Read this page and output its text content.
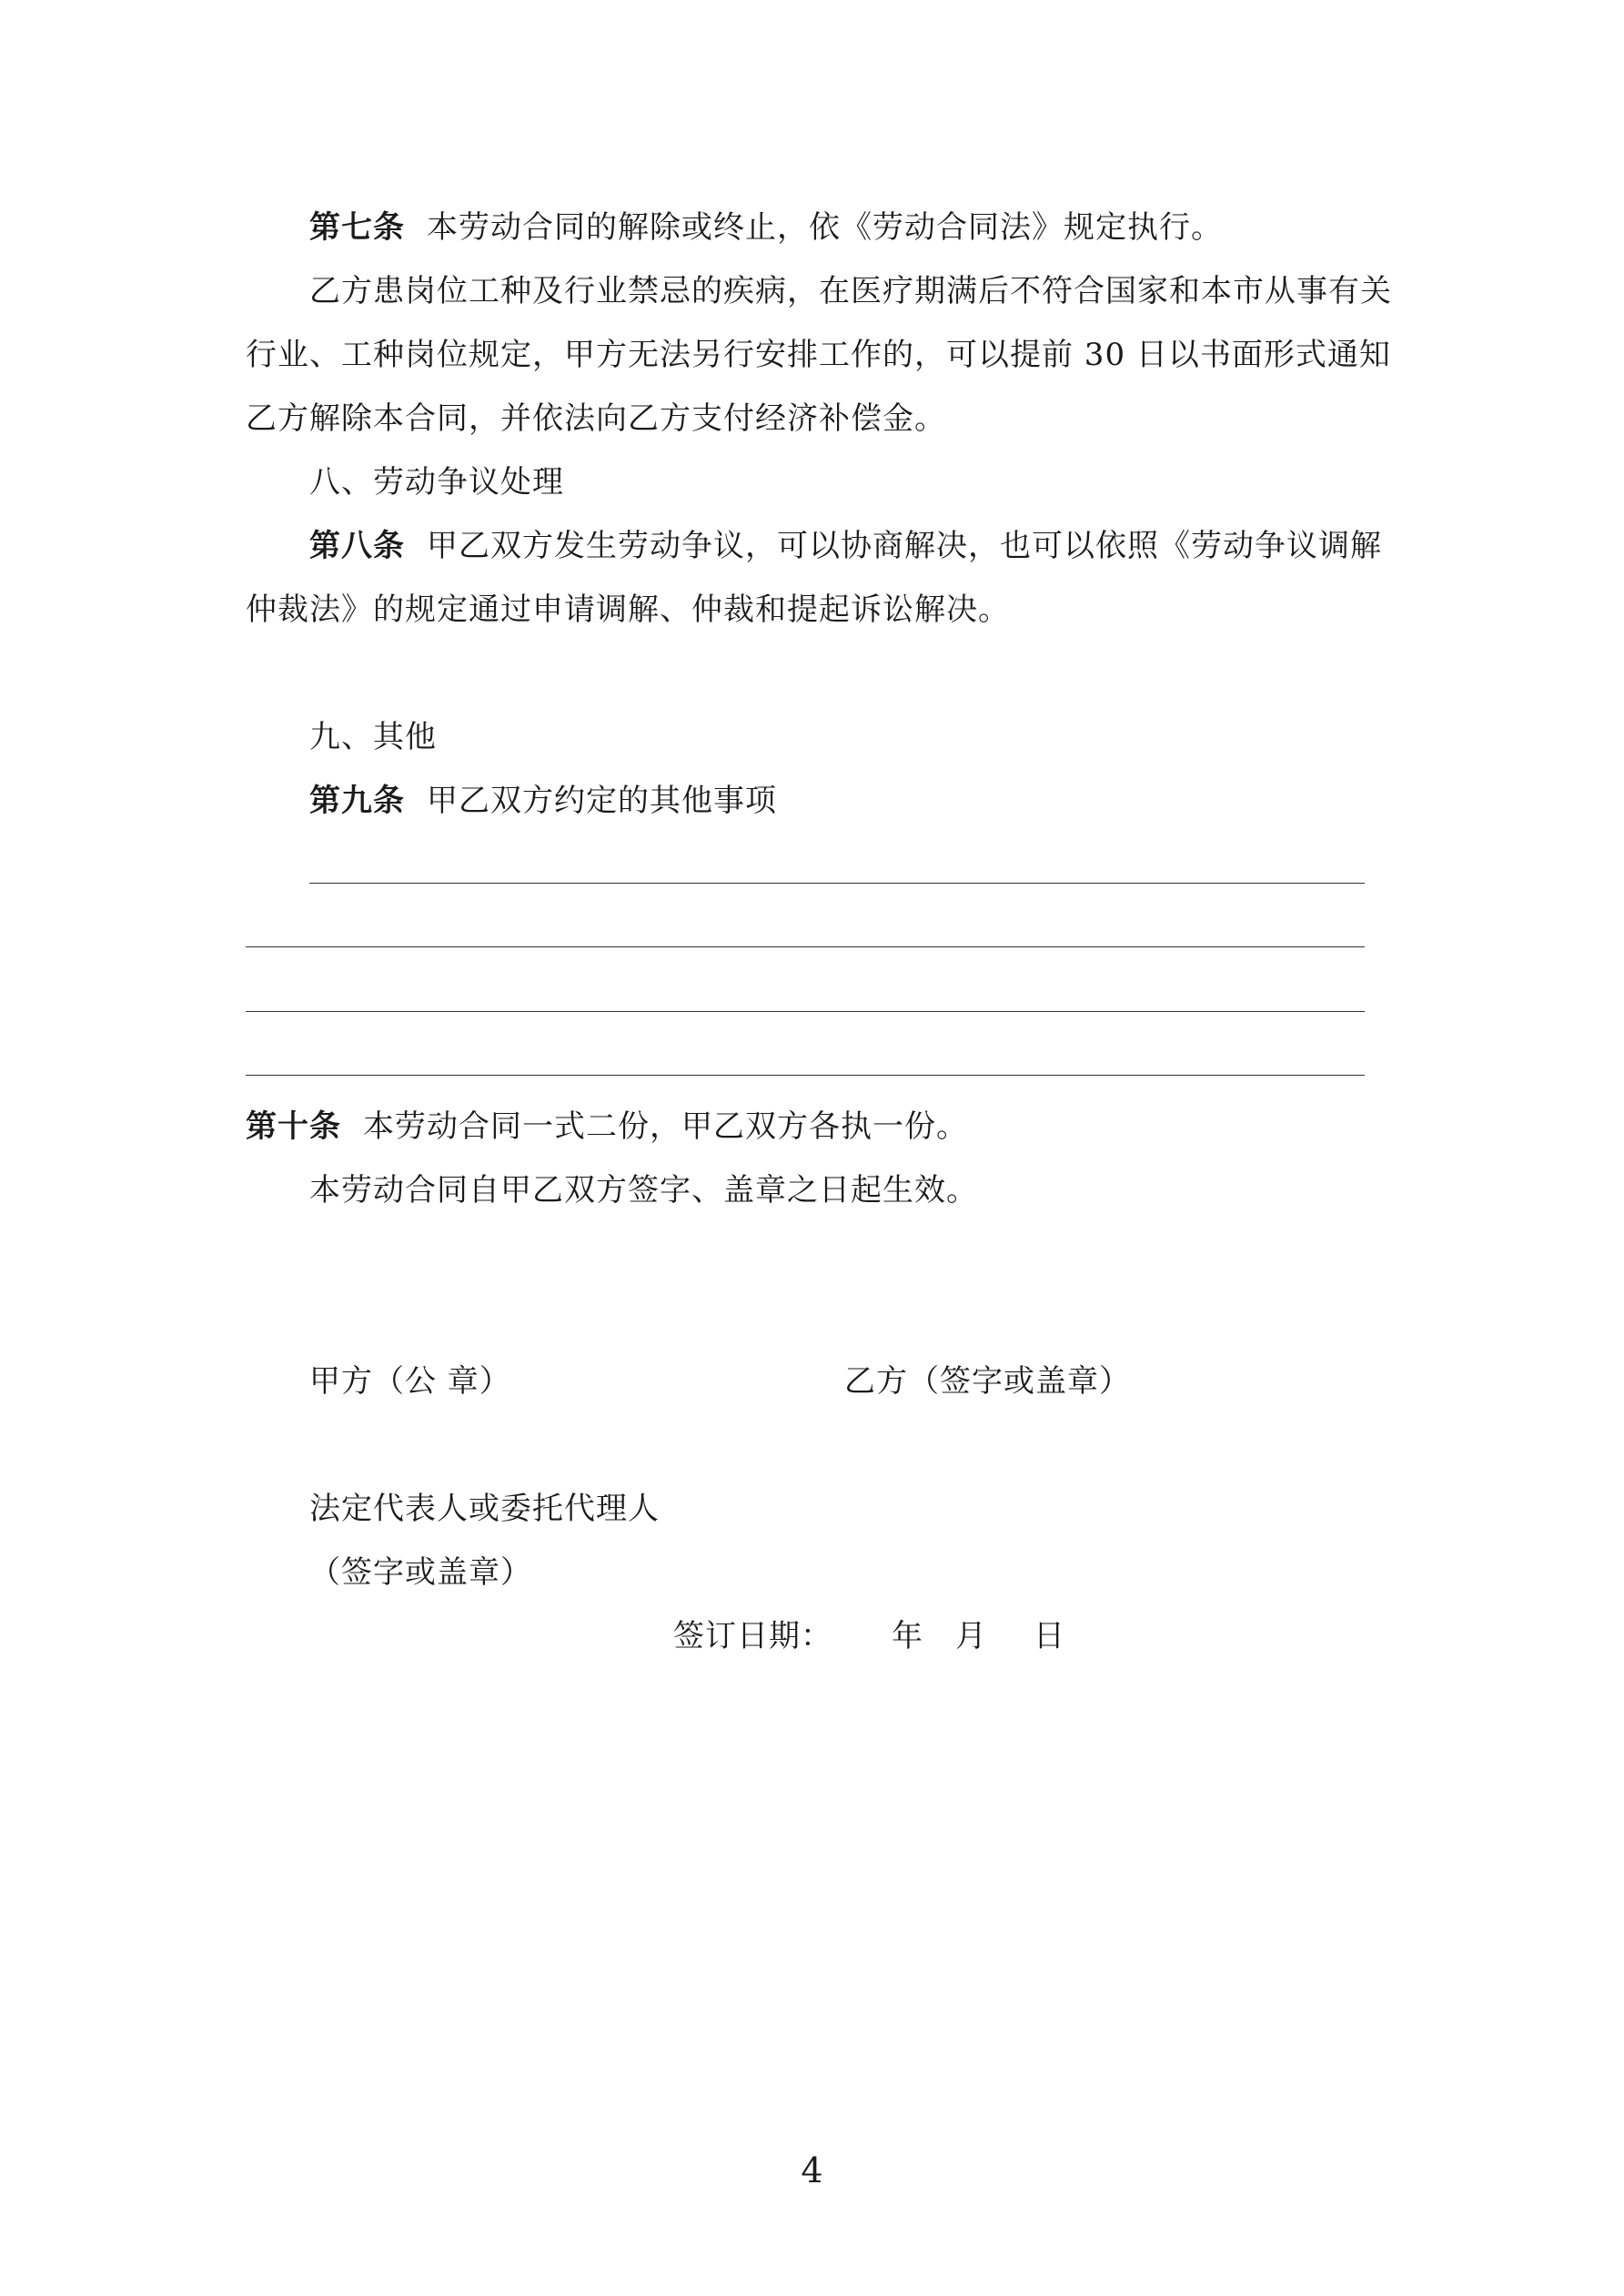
第七条 本劳动合同的解除或终止，依《劳动合同法》规定执行。
乙方患岗位工种及行业禁忌的疾病，在医疗期满后不符合国家和本市从事有关
行业、工种岗位规定，甲方无法另行安排工作的，可以提前 30 日以书面形式通知
乙方解除本合同，并依法向乙方支付经济补偿金。
八、劳动争议处理
第八条 甲乙双方发生劳动争议，可以协商解决，也可以依照《劳动争议调解
仲裁法》的规定通过申请调解、仲裁和提起诉讼解决。
九、其他
第九条 甲乙双方约定的其他事项
第十条 本劳动合同一式二份，甲乙双方各执一份。
本劳动合同自甲乙双方签字、盖章之日起生效。
甲方（公 章）	乙方（签字或盖章）
法定代表人或委托代理人
（签字或盖章）
签订日期： 年 月 日
4
